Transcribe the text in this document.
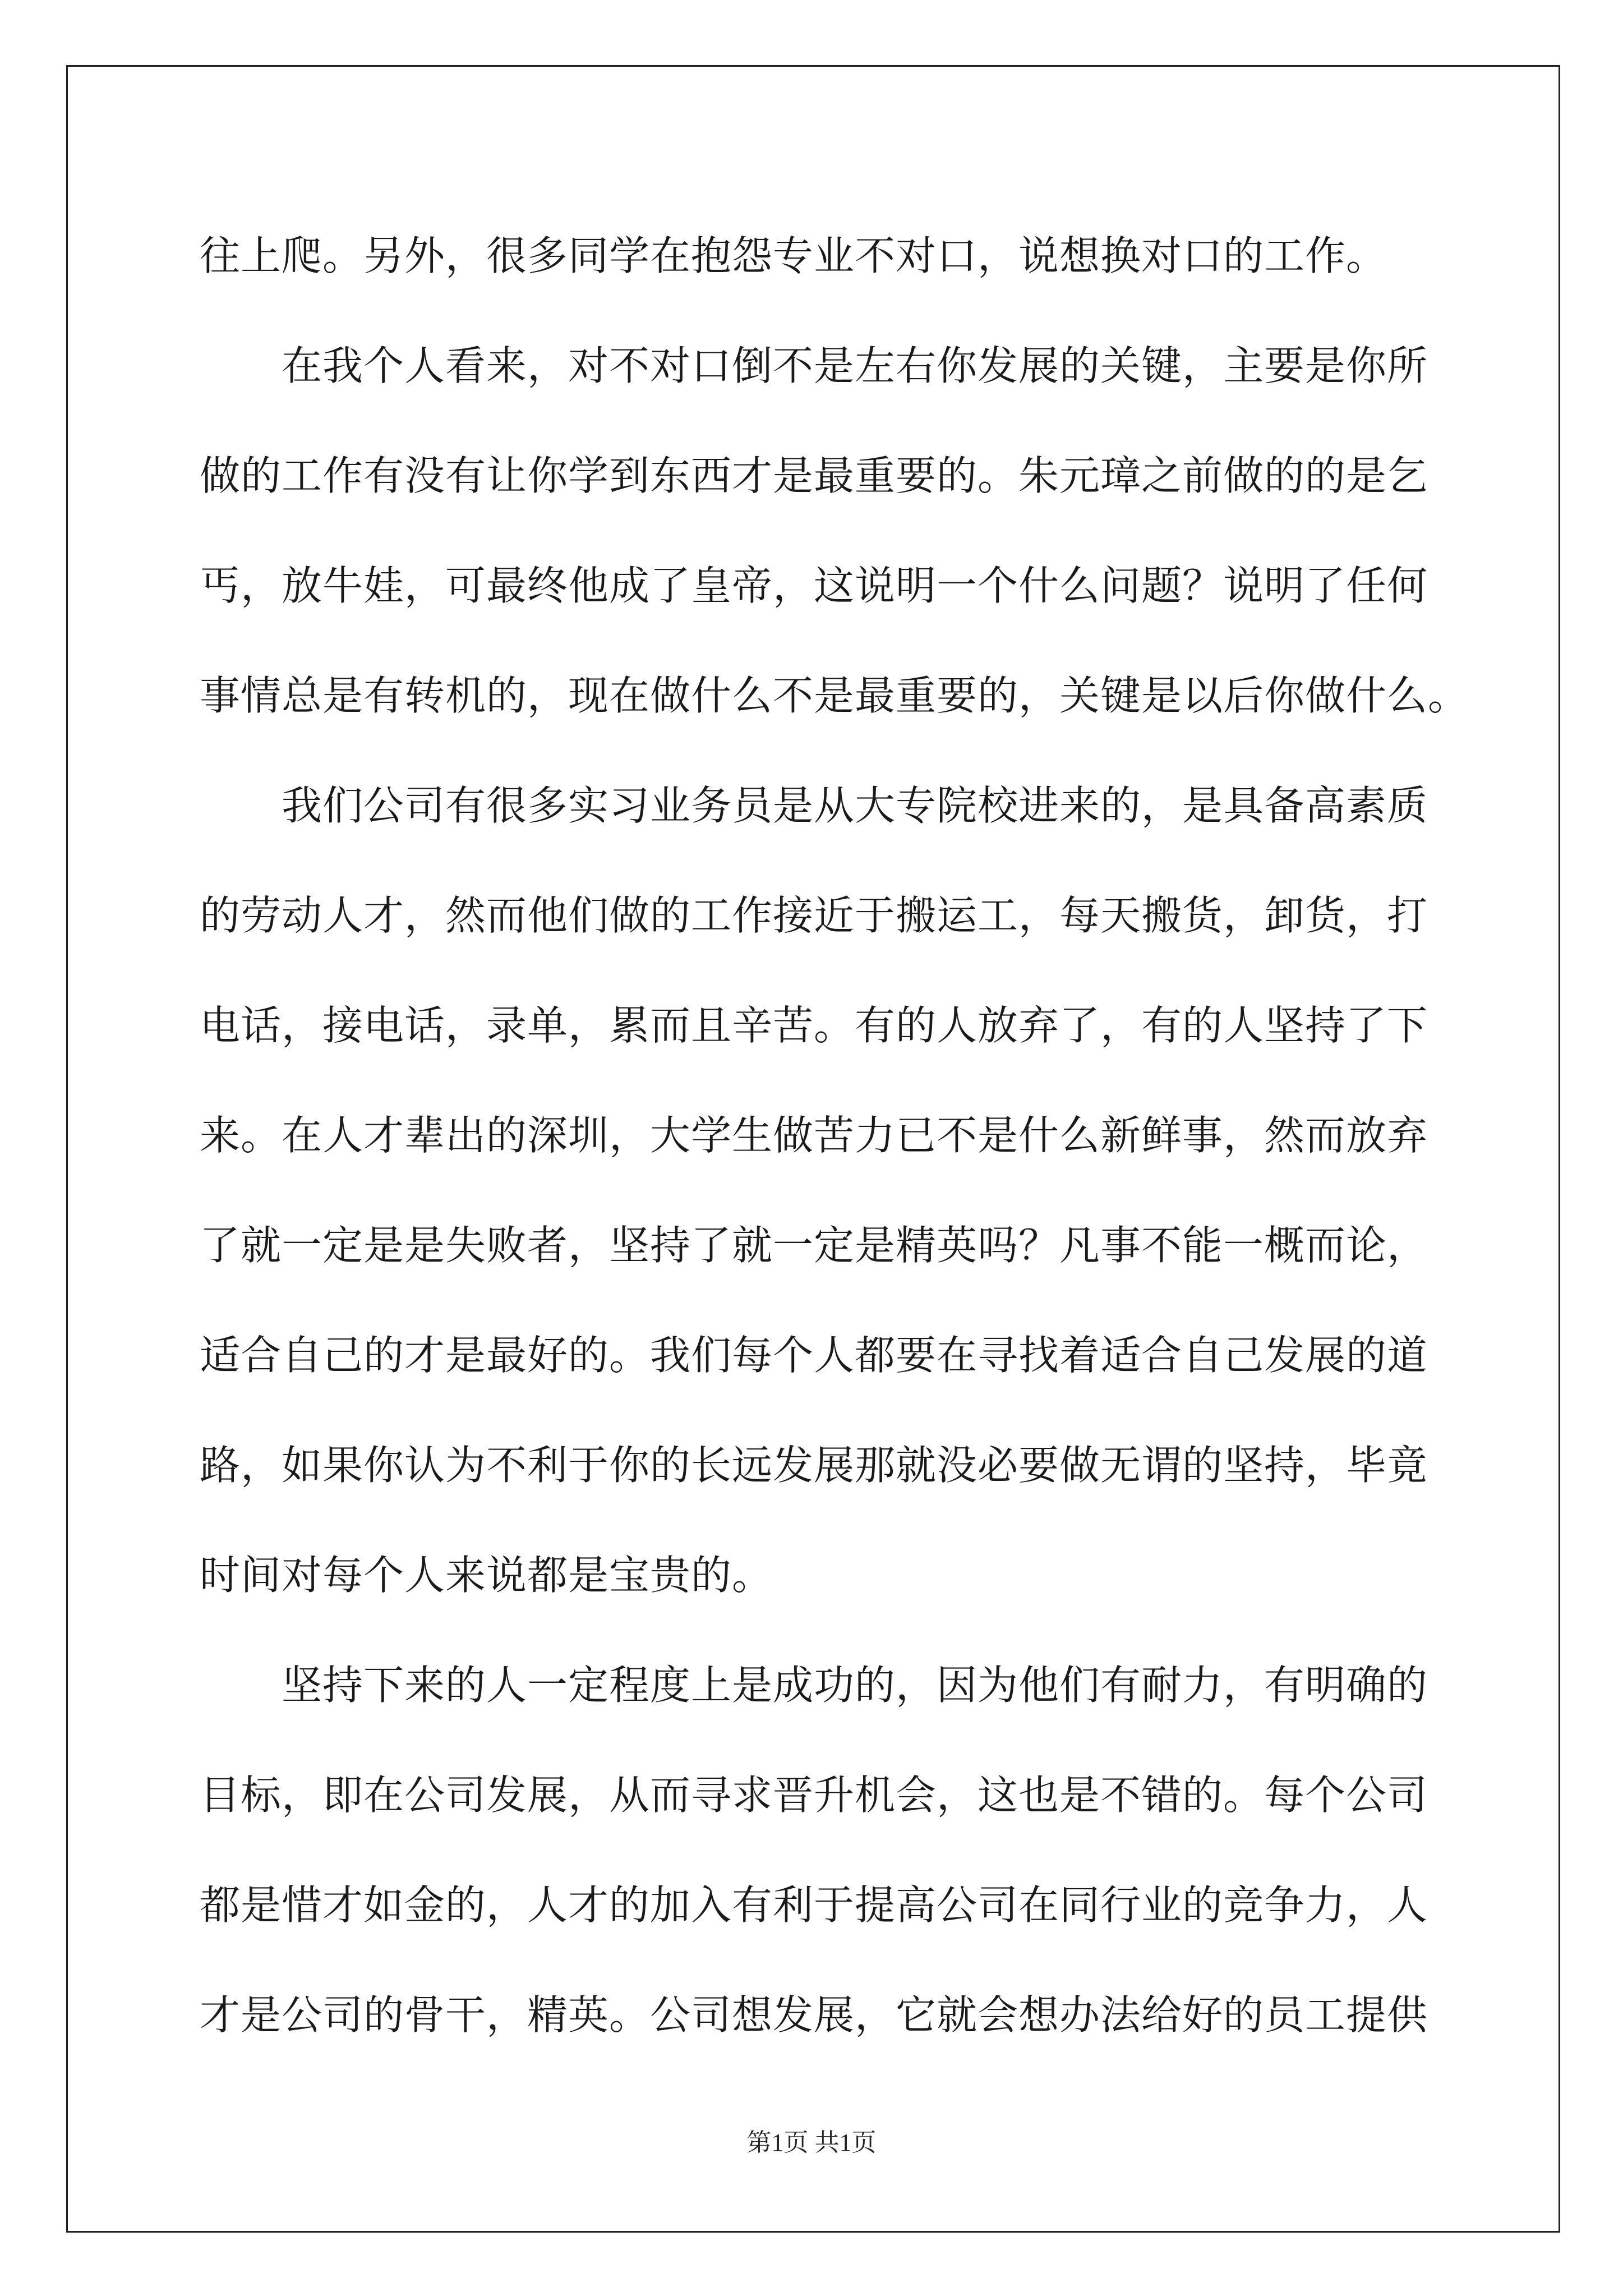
往上爬。另外，很多同学在抱怨专业不对口，说想换对口的工作。
在我个人看来，对不对口倒不是左右你发展的关键，主要是你所
做的工作有没有让你学到东西才是最重要的。朱元璋之前做的的是乞
丐，放牛娃，可最终他成了皇帝，这说明一个什么问题？说明了任何
事情总是有转机的，现在做什么不是最重要的，关键是以后你做什么。
我们公司有很多实习业务员是从大专院校进来的，是具备高素质
的劳动人才，然而他们做的工作接近于搬运工，每天搬货，卸货，打
电话，接电话，录单，累而且辛苦。有的人放弃了，有的人坚持了下
来。在人才辈出的深圳，大学生做苦力已不是什么新鲜事，然而放弃
了就一定是是失败者，坚持了就一定是精英吗？凡事不能一概而论，
适合自己的才是最好的。我们每个人都要在寻找着适合自己发展的道
路，如果你认为不利于你的长远发展那就没必要做无谓的坚持，毕竟
时间对每个人来说都是宝贵的。
坚持下来的人一定程度上是成功的，因为他们有耐力，有明确的
目标，即在公司发展，从而寻求晋升机会，这也是不错的。每个公司
都是惜才如金的，人才的加入有利于提高公司在同行业的竞争力，人
才是公司的骨干，精英。公司想发展，它就会想办法给好的员工提供
第1页 共1页
